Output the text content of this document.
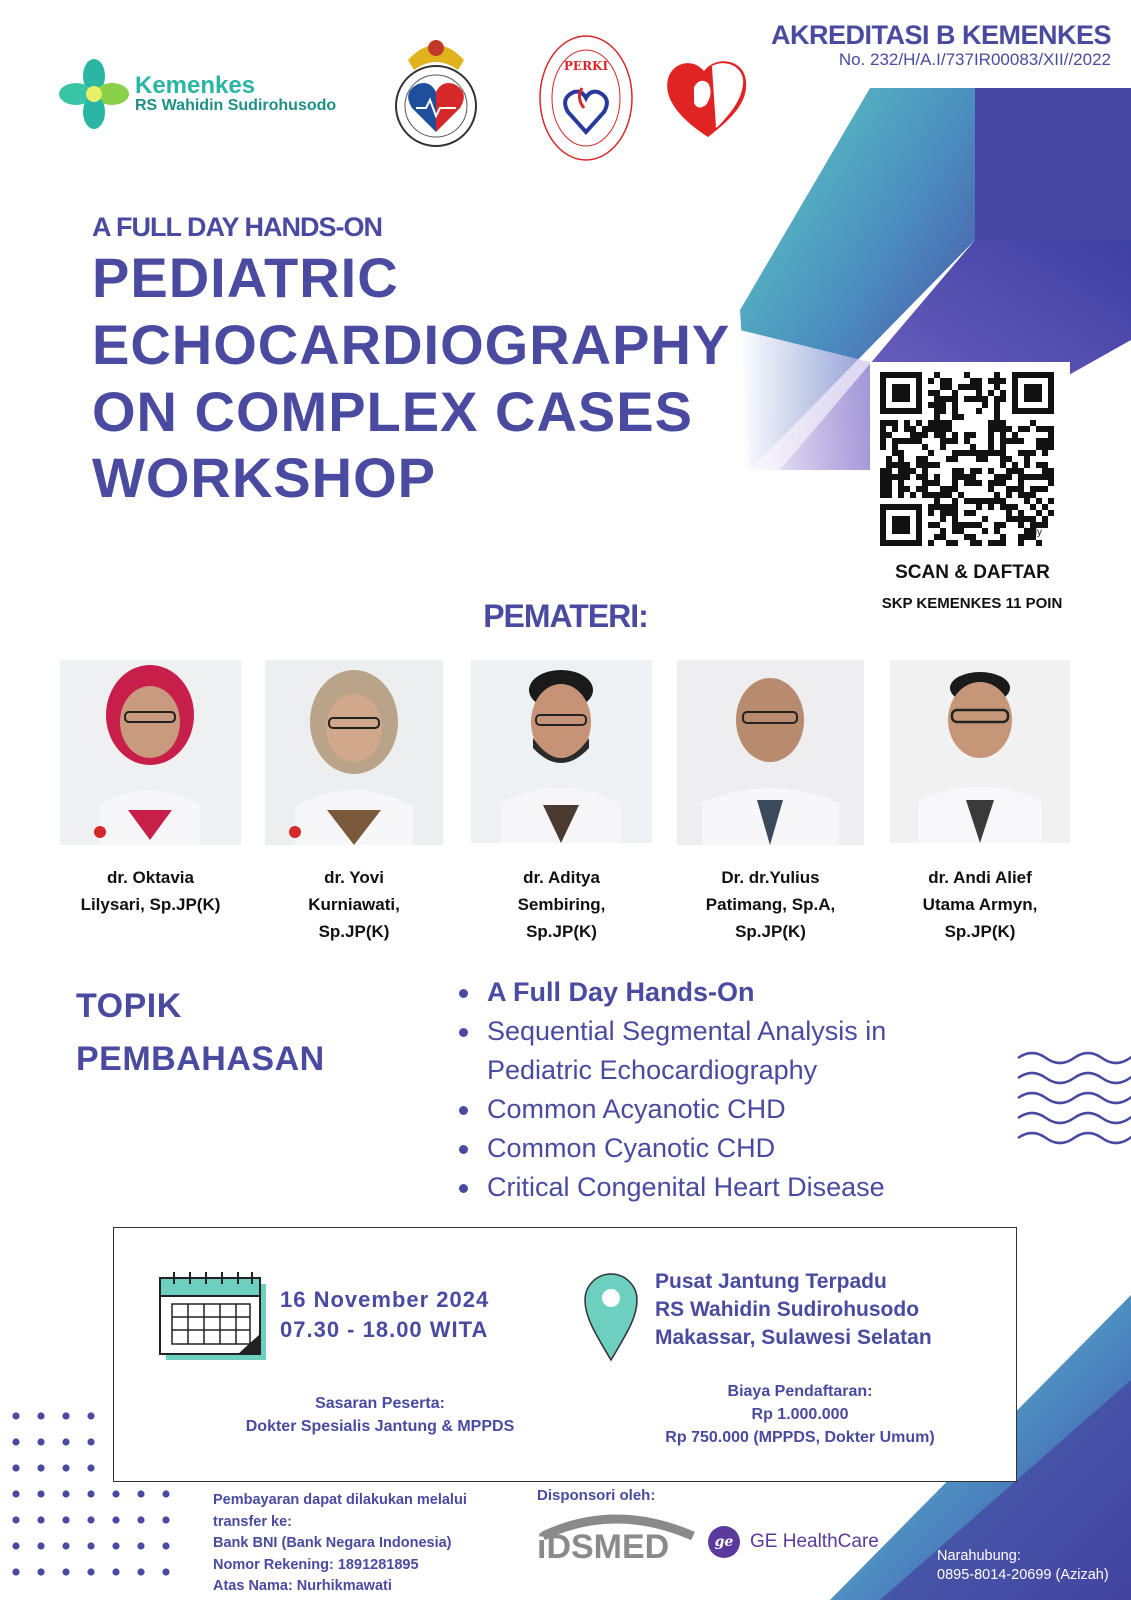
Kemenkes
RS Wahidin Sudirohusodo
PERKI
AKREDITASI B KEMENKES
No. 232/H/A.I/737IR00083/XII//2022
A FULL DAY HANDS-ON
PEDIATRIC
ECHOCARDIOGRAPHY
ON COMPLEX CASES
WORKSHOP
bitly
SCAN & DAFTAR
SKP KEMENKES 11 POIN
PEMATERI:
dr. Oktavia
Lilysari, Sp.JP(K)
dr. Yovi
Kurniawati,
Sp.JP(K)
dr. Aditya
Sembiring,
Sp.JP(K)
Dr. dr.Yulius
Patimang, Sp.A,
Sp.JP(K)
dr. Andi Alief
Utama Armyn,
Sp.JP(K)
TOPIK
PEMBAHASAN
A Full Day Hands-On
Sequential Segmental Analysis in
Pediatric Echocardiography
Common Acyanotic CHD
Common Cyanotic CHD
Critical Congenital Heart Disease
16 November 2024
07.30 - 18.00 WITA
Pusat Jantung Terpadu
RS Wahidin Sudirohusodo
Makassar, Sulawesi Selatan
Sasaran Peserta:
Dokter Spesialis Jantung & MPPDS
Biaya Pendaftaran:
Rp 1.000.000
Rp 750.000 (MPPDS, Dokter Umum)
Pembayaran dapat dilakukan melalui
transfer ke:
Bank BNI (Bank Negara Indonesia)
Nomor Rekening: 1891281895
Atas Nama: Nurhikmawati
Disponsori oleh:
iDSMED	ge GE HealthCare
Narahubung:
0895-8014-20699 (Azizah)
